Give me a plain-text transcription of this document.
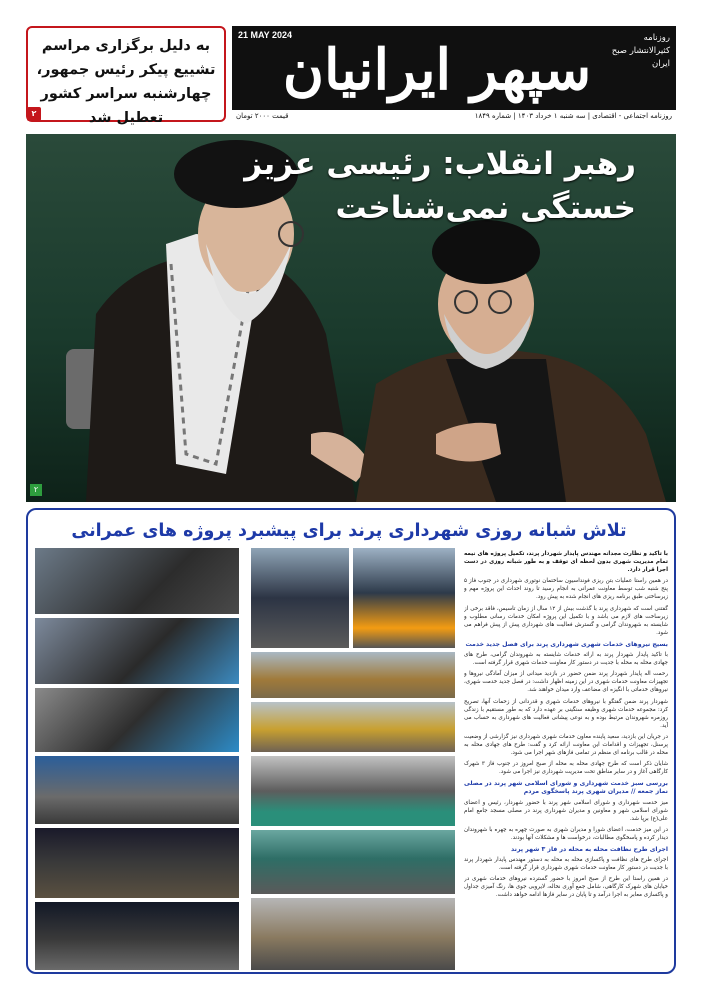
به دلیل برگزاری مراسم تشییع پیکر رئیس جمهور، چهارشنبه سراسر کشور تعطیل شد
۲
21 MAY 2024	روزنامه کثیرالانتشار صبح ایران
سپهر ایرانیان
روزنامه اجتماعی - اقتصادی | سه شنبه ۱ خرداد ۱۴۰۳ | شماره ۱۸۴۹
قیمت ۲۰۰۰ تومان
رهبر انقلاب: رئیسی عزیز خستگی نمی‌شناخت
۲
تلاش شبانه روزی شهرداری پرند برای پیشبرد پروژه های عمرانی

با تاکید و نظارت مجدانه مهندس پایدار شهردار پرند، تکمیل پروژه های نیمه تمام مدیریت شهری بدون لحظه ای توقف و به طور شبانه روزی در دست اجرا قرار دارد.

در همین راستا عملیات بتن ریزی فونداسیون ساختمان نوتوری شهرداری در جنوب فاز ۵ پنج شنبه شب توسط معاونت عمرانی به انجام رسید تا روند احداث این پروژه مهم و زیرساختی طبق برنامه ریزی های انجام شده به پیش رود.

گفتنی است که شهرداری پرند با گذشت بیش از ۱۲ سال از زمان تاسیس، فاقد برخی از زیرساخت های لازم می باشد و با تکمیل این پروژه امکان خدمات رسانی مطلوب و شایسته به شهروندان گرامی و گسترش فعالیت های شهرداری پیش از پیش فراهم می شود.

بسیج نیروهای خدمات شهری شهرداری پرند برای فصل جدید خدمت

با تاکید پایدار شهردار پرند به ارائه خدمات شایسته به شهروندان گرامی، طرح های جهادی محله به محله با جدیت در دستور کار معاونت خدمات شهری قرار گرفته است.

رحمت اله پایدار شهردار پرند ضمن حضور در بازدید میدانی از میزان آمادگی نیروها و تجهیزات معاونت خدمات شهری در این زمینه اظهار داشت: در فصل جدید خدمت شهری، نیروهای خدماتی با انگیزه ای مضاعف وارد میدان خواهند شد.

شهردار پرند ضمن گفتگو با نیروهای خدمات شهری و قدردانی از زحمات آنها، تصریح کرد: مجموعه خدمات شهری وظیفه سنگینی بر عهده دارد که به طور مستقیم با زندگی روزمره شهروندان مرتبط بوده و به نوعی پیشانی فعالیت های شهرداری به حساب می آید.

در جریان این بازدید، سعید پاینده معاون خدمات شهری شهرداری نیز گزارشی از وضعیت پرسنل، تجهیزات و اقدامات این معاونت ارائه کرد و گفت: طرح های جهادی محله به محله در قالب برنامه ای منظم در تمامی فازهای شهر اجرا می شود.

شایان ذکر است که طرح جهادی محله به محله از صبح امروز در جنوب فاز ۳ شهرک کارگاهی آغاز و در سایر مناطق تحت مدیریت شهرداری نیز اجرا می شود.

بررسی سبز خدمت شهرداری و شورای اسلامی شهر پرند در مصلی نماز جمعه // مدیران شهری پرند پاسخگوی مردم

میز خدمت شهرداری و شورای اسلامی شهر پرند با حضور شهردار، رئیس و اعضای شورای اسلامی شهر و معاونین و مدیران شهرداری پرند در مصلی مسجد جامع امام علی(ع) برپا شد.

در این میز خدمت، اعضای شورا و مدیران شهری به صورت چهره به چهره با شهروندان دیدار کرده و پاسخگوی مطالبات، درخواست ها و مشکلات آنها بودند.

اجرای طرح نظافت محله به محله در فاز ۳ شهر پرند

اجرای طرح های نظافت و پاکسازی محله به محله به دستور مهندس پایدار شهردار پرند با جدیت در دستور کار معاونت خدمات شهری شهرداری قرار گرفته است.

در همین راستا این طرح از صبح امروز با حضور گسترده نیروهای خدمات شهری در خیابان های شهرک کارگاهی، شامل جمع آوری نخاله، لایروبی جوی ها، رنگ آمیزی جداول و پاکسازی معابر به اجرا درآمد و تا پایان در سایر فازها ادامه خواهد داشت.
